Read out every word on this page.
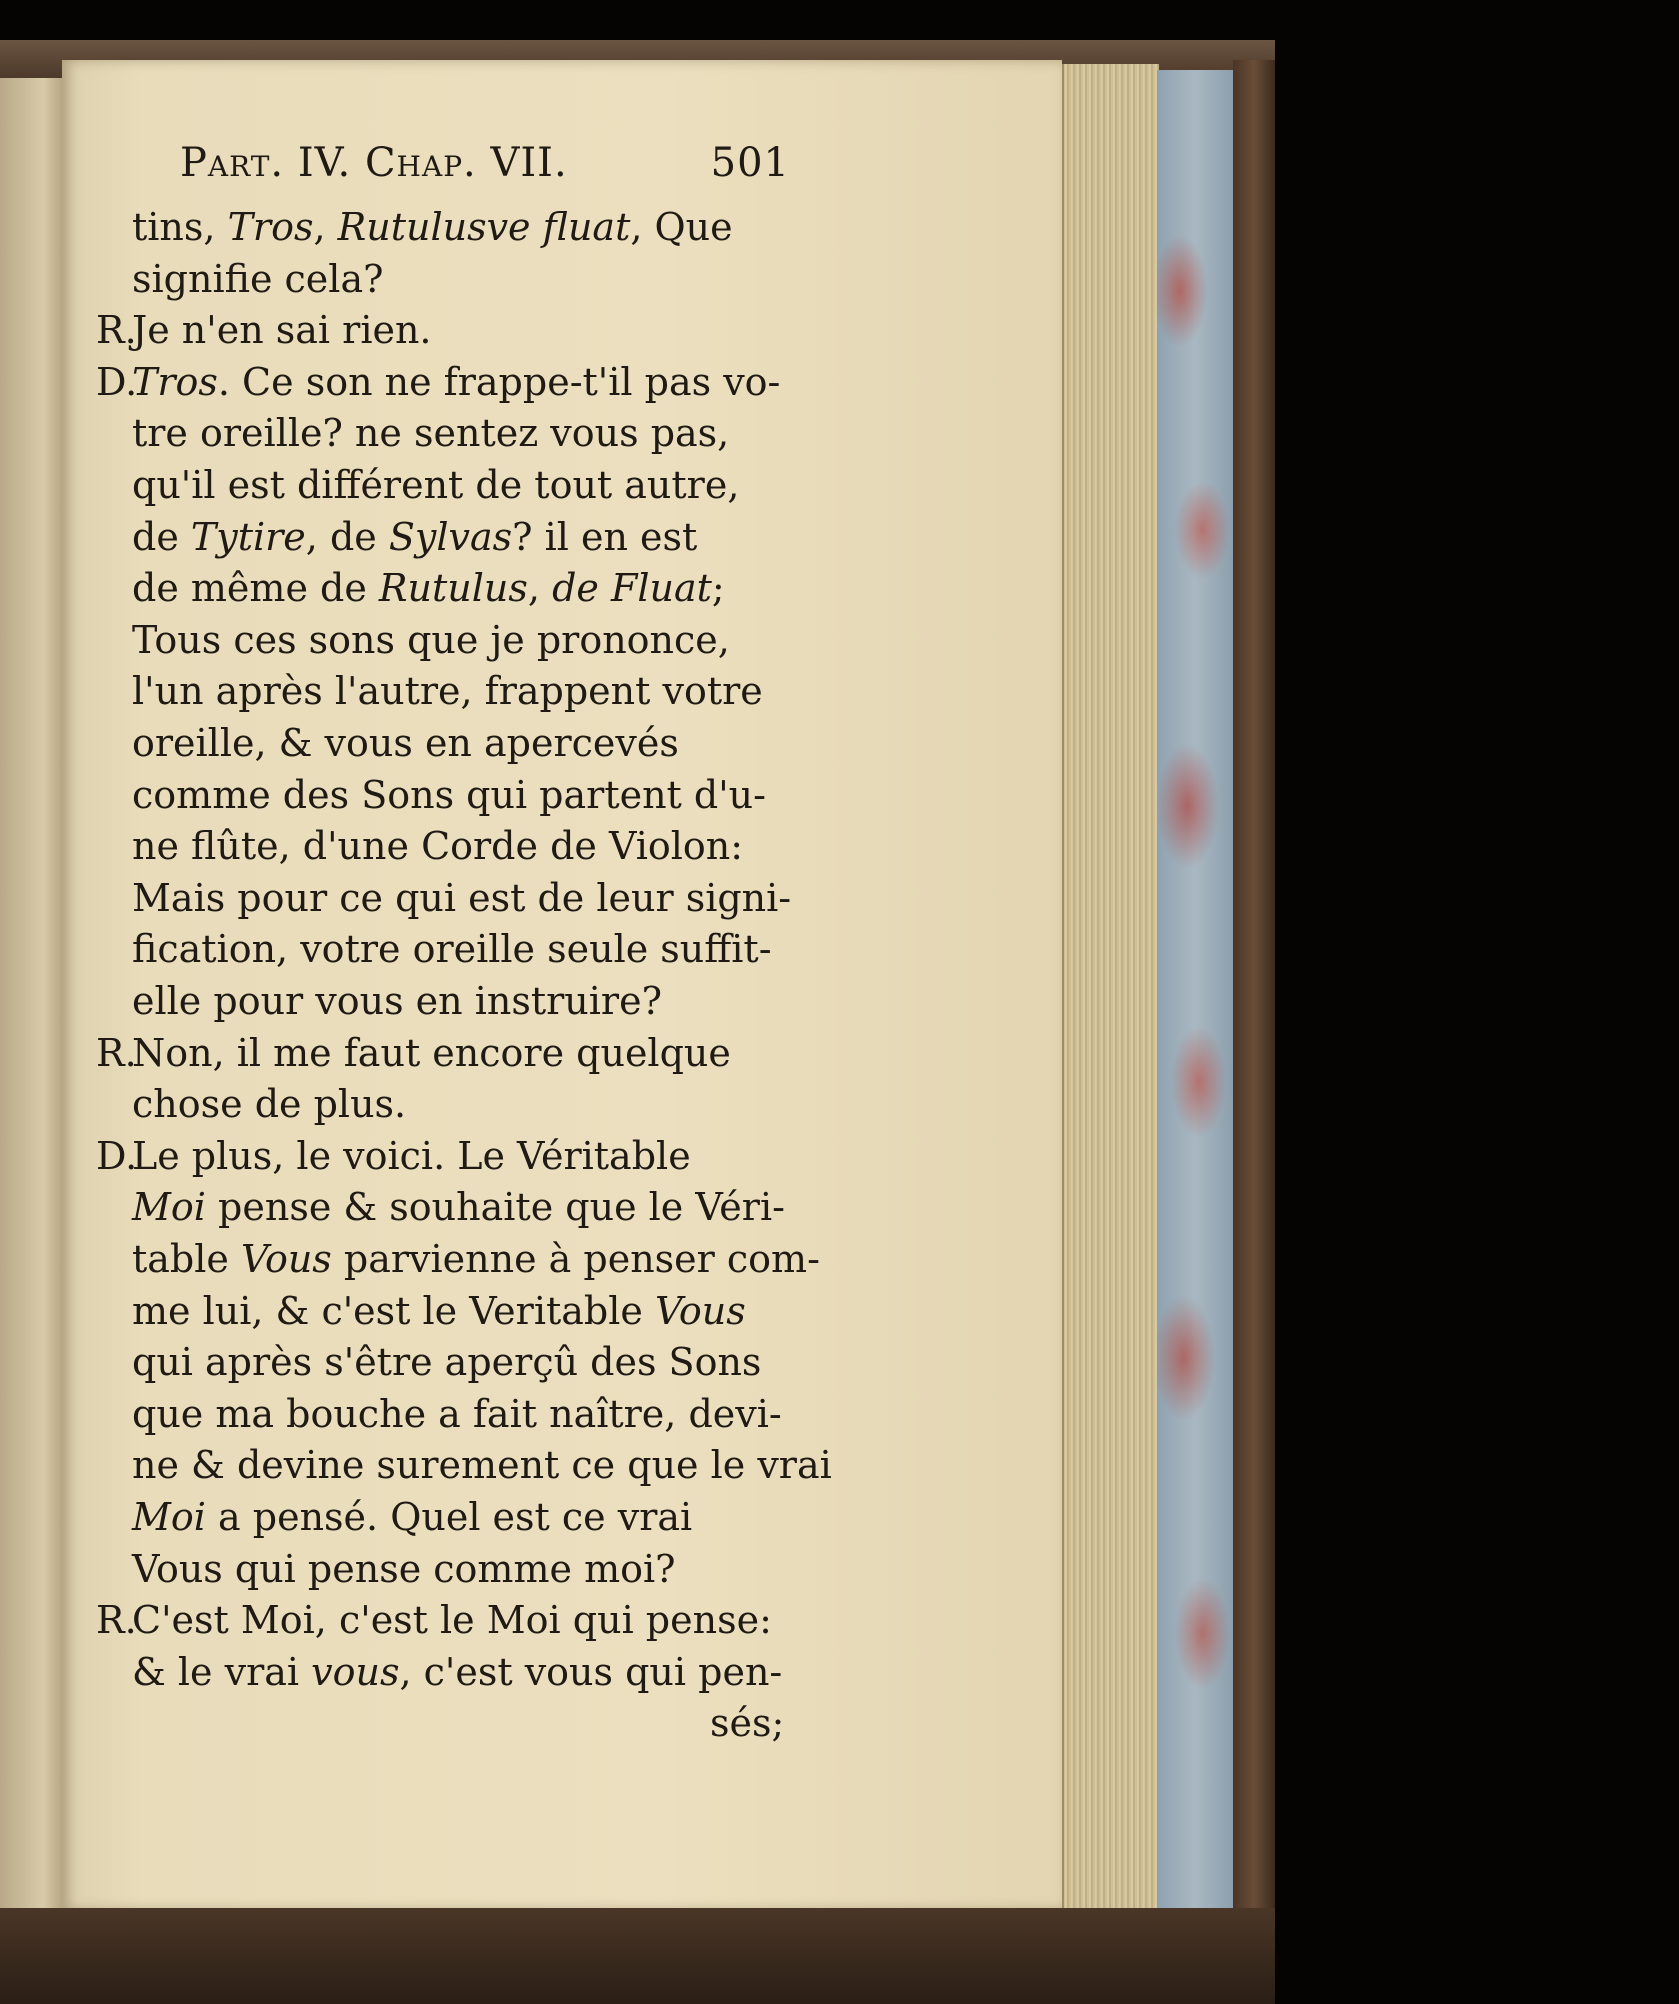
Part. IV. Chap. VII.	501
tins, Tros, Rutulusve fluat, Que
signifie cela?
R.
Je n'en sai rien.
D.
Tros. Ce son ne frappe-t'il pas vo-
tre oreille? ne sentez vous pas,
qu'il est différent de tout autre,
de Tytire, de Sylvas? il en est
de même de Rutulus, de Fluat;
Tous ces sons que je prononce,
l'un après l'autre, frappent votre
oreille, & vous en apercevés
comme des Sons qui partent d'u-
ne flûte, d'une Corde de Violon:
Mais pour ce qui est de leur signi-
fication, votre oreille seule suffit-
elle pour vous en instruire?
R.
Non, il me faut encore quelque
chose de plus.
D.
Le plus, le voici. Le Véritable
Moi pense & souhaite que le Véri-
table Vous parvienne à penser com-
me lui, & c'est le Veritable Vous
qui après s'être aperçû des Sons
que ma bouche a fait naître, devi-
ne & devine surement ce que le vrai
Moi a pensé. Quel est ce vrai
Vous qui pense comme moi?
R.
C'est Moi, c'est le Moi qui pense:
& le vrai vous, c'est vous qui pen-
sés;
